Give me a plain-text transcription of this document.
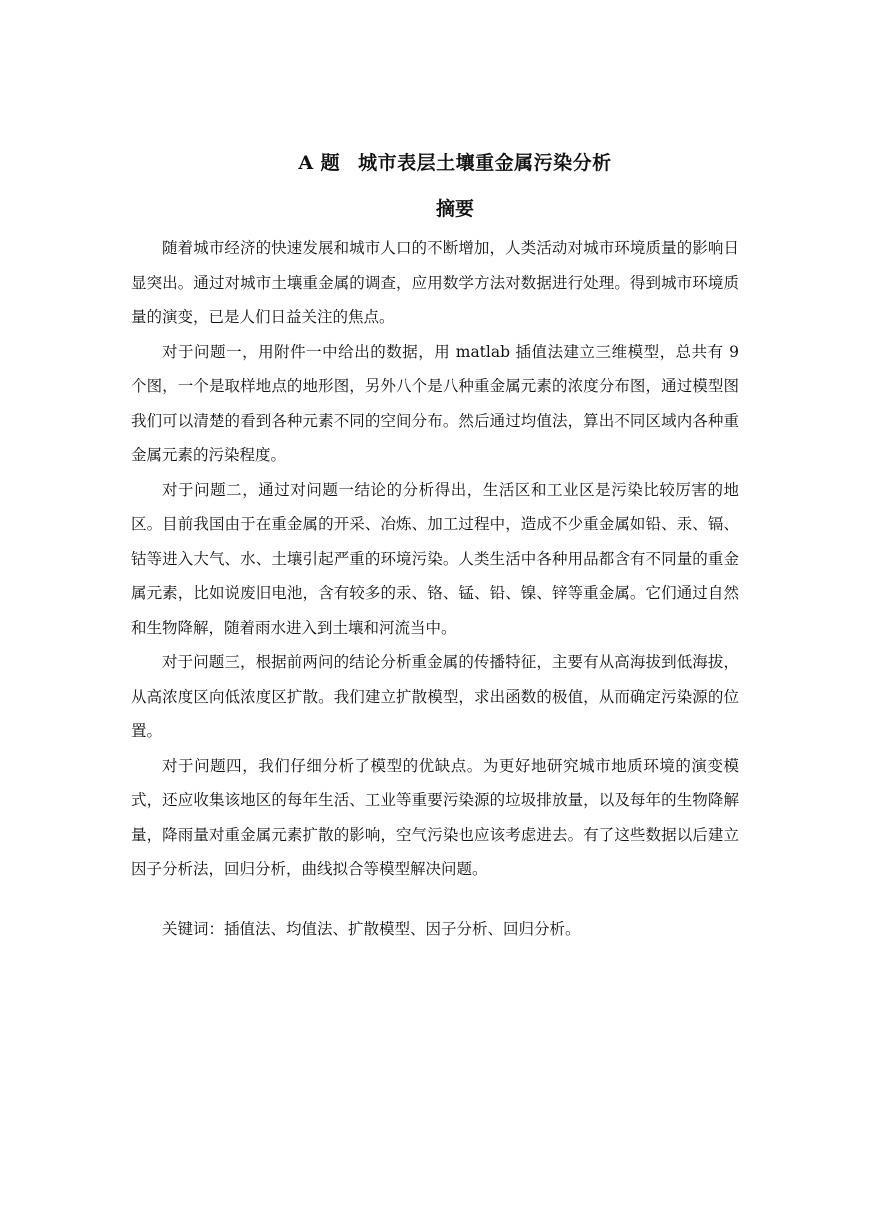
A 题 城市表层土壤重金属污染分析
摘要

随着城市经济的快速发展和城市人口的不断增加，人类活动对城市环境质量的影响日显突出。通过对城市土壤重金属的调查，应用数学方法对数据进行处理。得到城市环境质量的演变，已是人们日益关注的焦点。

对于问题一，用附件一中给出的数据，用 matlab 插值法建立三维模型，总共有 9 个图，一个是取样地点的地形图，另外八个是八种重金属元素的浓度分布图，通过模型图我们可以清楚的看到各种元素不同的空间分布。然后通过均值法，算出不同区域内各种重金属元素的污染程度。

对于问题二，通过对问题一结论的分析得出，生活区和工业区是污染比较厉害的地区。目前我国由于在重金属的开采、冶炼、加工过程中，造成不少重金属如铅、汞、镉、钴等进入大气、水、土壤引起严重的环境污染。人类生活中各种用品都含有不同量的重金属元素，比如说废旧电池，含有较多的汞、铬、锰、铅、镍、锌等重金属。它们通过自然和生物降解，随着雨水进入到土壤和河流当中。

对于问题三，根据前两问的结论分析重金属的传播特征，主要有从高海拔到低海拔，从高浓度区向低浓度区扩散。我们建立扩散模型，求出函数的极值，从而确定污染源的位置。

对于问题四，我们仔细分析了模型的优缺点。为更好地研究城市地质环境的演变模式，还应收集该地区的每年生活、工业等重要污染源的垃圾排放量，以及每年的生物降解量，降雨量对重金属元素扩散的影响，空气污染也应该考虑进去。有了这些数据以后建立因子分析法，回归分析，曲线拟合等模型解决问题。

关键词：插值法、均值法、扩散模型、因子分析、回归分析。
